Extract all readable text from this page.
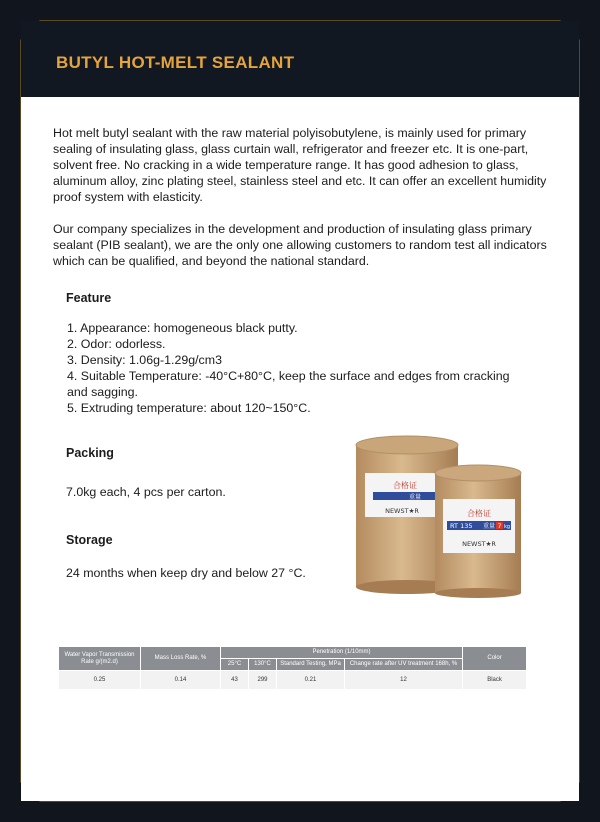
BUTYL HOT-MELT SEALANT

Hot melt butyl sealant with the raw material polyisobutylene, is mainly used for primary sealing of insulating glass, glass curtain wall, refrigerator and freezer etc. It is one-part, solvent free. No cracking in a wide temperature range. It has good adhesion to glass, aluminum alloy, zinc plating steel, stainless steel and etc. It can offer an excellent humidity proof system with elasticity.

Our company specializes in the development and production of insulating glass primary sealant (PIB sealant), we are the only one allowing customers to random test all indicators which can be qualified, and beyond the national standard.

Feature
1. Appearance: homogeneous black putty.
2. Odor: odorless.
3. Density: 1.06g-1.29g/cm3
4. Suitable Temperature: -40°C+80°C, keep the surface and edges from cracking and sagging.
5. Extruding temperature: about 120~150°C.
Packing
7.0kg each, 4 pcs per carton.
Storage
24 months when keep dry and below 27 °C.
合格证
重量
NEWST★R	合格证
RT 135 重量 7 kg
NEWST★R
Water Vapor Transmission Rate g/(m2.d)	Mass Loss Rate, %	Penetration (1/10mm)				Color
		25°C	130°C	Standard Testing, MPa	Change rate after UV treatment 168h, %	
0.25	0.14	43	299	0.21	12	Black
